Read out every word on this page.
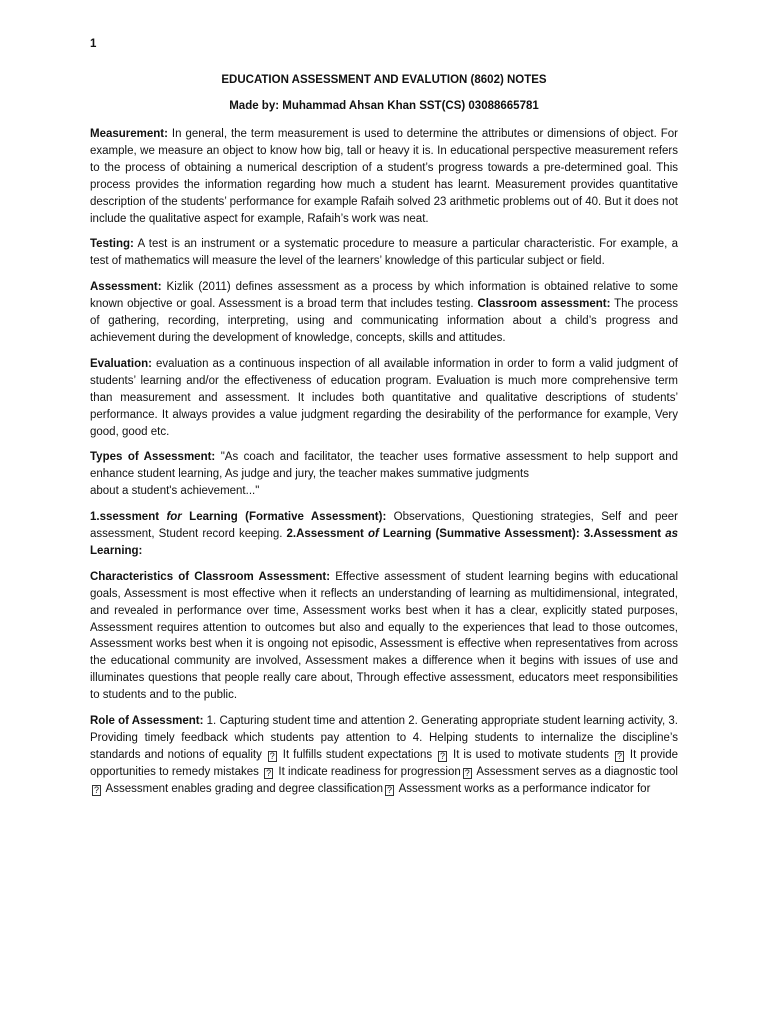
1
EDUCATION ASSESSMENT AND EVALUTION (8602) NOTES
Made by: Muhammad Ahsan Khan SST(CS) 03088665781

Measurement: In general, the term measurement is used to determine the attributes or dimensions of object. For example, we measure an object to know how big, tall or heavy it is. In educational perspective measurement refers to the process of obtaining a numerical description of a student’s progress towards a pre-determined goal. This process provides the information regarding how much a student has learnt. Measurement provides quantitative description of the students’ performance for example Rafaih solved 23 arithmetic problems out of 40. But it does not include the qualitative aspect for example, Rafaih’s work was neat.

Testing: A test is an instrument or a systematic procedure to measure a particular characteristic. For example, a test of mathematics will measure the level of the learners’ knowledge of this particular subject or field.

Assessment: Kizlik (2011) defines assessment as a process by which information is obtained relative to some known objective or goal. Assessment is a broad term that includes testing. Classroom assessment: The process of gathering, recording, interpreting, using and communicating information about a child’s progress and achievement during the development of knowledge, concepts, skills and attitudes.

Evaluation: evaluation as a continuous inspection of all available information in order to form a valid judgment of students’ learning and/or the effectiveness of education program. Evaluation is much more comprehensive term than measurement and assessment. It includes both quantitative and qualitative descriptions of students’ performance. It always provides a value judgment regarding the desirability of the performance for example, Very good, good etc.

Types of Assessment: "As coach and facilitator, the teacher uses formative assessment to help support and enhance student learning, As judge and jury, the teacher makes summative judgments
about a student's achievement..."

1.ssessment for Learning (Formative Assessment): Observations, Questioning strategies, Self and peer assessment, Student record keeping. 2.Assessment of Learning (Summative Assessment): 3.Assessment as Learning:

Characteristics of Classroom Assessment: Effective assessment of student learning begins with educational goals, Assessment is most effective when it reflects an understanding of learning as multidimensional, integrated, and revealed in performance over time, Assessment works best when it has a clear, explicitly stated purposes, Assessment requires attention to outcomes but also and equally to the experiences that lead to those outcomes, Assessment works best when it is ongoing not episodic, Assessment is effective when representatives from across the educational community are involved, Assessment makes a difference when it begins with issues of use and illuminates questions that people really care about, Through effective assessment, educators meet responsibilities to students and to the public.

Role of Assessment: 1. Capturing student time and attention 2. Generating appropriate student learning activity, 3. Providing timely feedback which students pay attention to 4. Helping students to internalize the discipline’s standards and notions of equality ? It fulfills student expectations ? It is used to motivate students ? It provide opportunities to remedy mistakes ? It indicate readiness for progression? Assessment serves as a diagnostic tool? Assessment enables grading and degree classification? Assessment works as a performance indicator for
